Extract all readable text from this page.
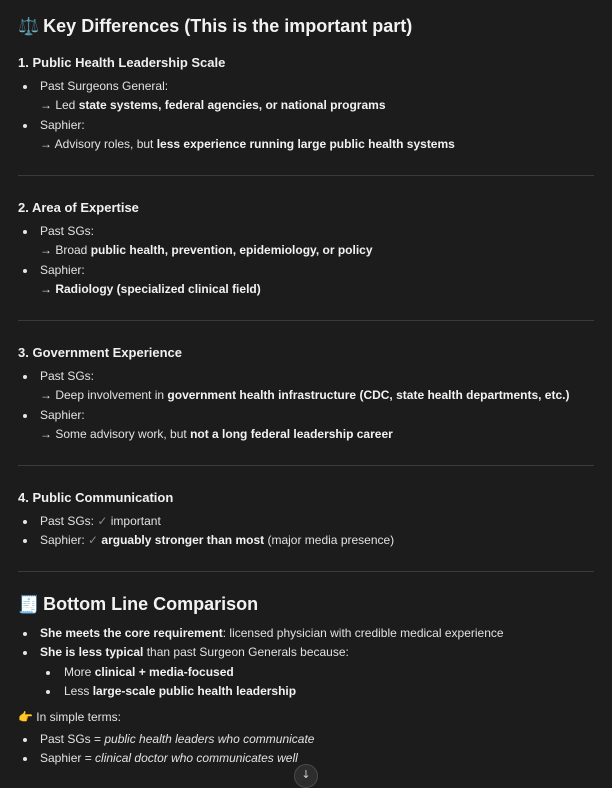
⚖️ Key Differences (This is the important part)
1. Public Health Leadership Scale
Past Surgeons General:
→ Led state systems, federal agencies, or national programs
Saphier:
→ Advisory roles, but less experience running large public health systems
2. Area of Expertise
Past SGs:
→ Broad public health, prevention, epidemiology, or policy
Saphier:
→ Radiology (specialized clinical field)
3. Government Experience
Past SGs:
→ Deep involvement in government health infrastructure (CDC, state health departments, etc.)
Saphier:
→ Some advisory work, but not a long federal leadership career
4. Public Communication
Past SGs: ✓ important
Saphier: ✓ arguably stronger than most (major media presence)
🧾 Bottom Line Comparison
She meets the core requirement: licensed physician with credible medical experience
She is less typical than past Surgeon Generals because:
More clinical + media-focused
Less large-scale public health leadership
👉 In simple terms:
Past SGs = public health leaders who communicate
Saphier = clinical doctor who communicates well
↓
